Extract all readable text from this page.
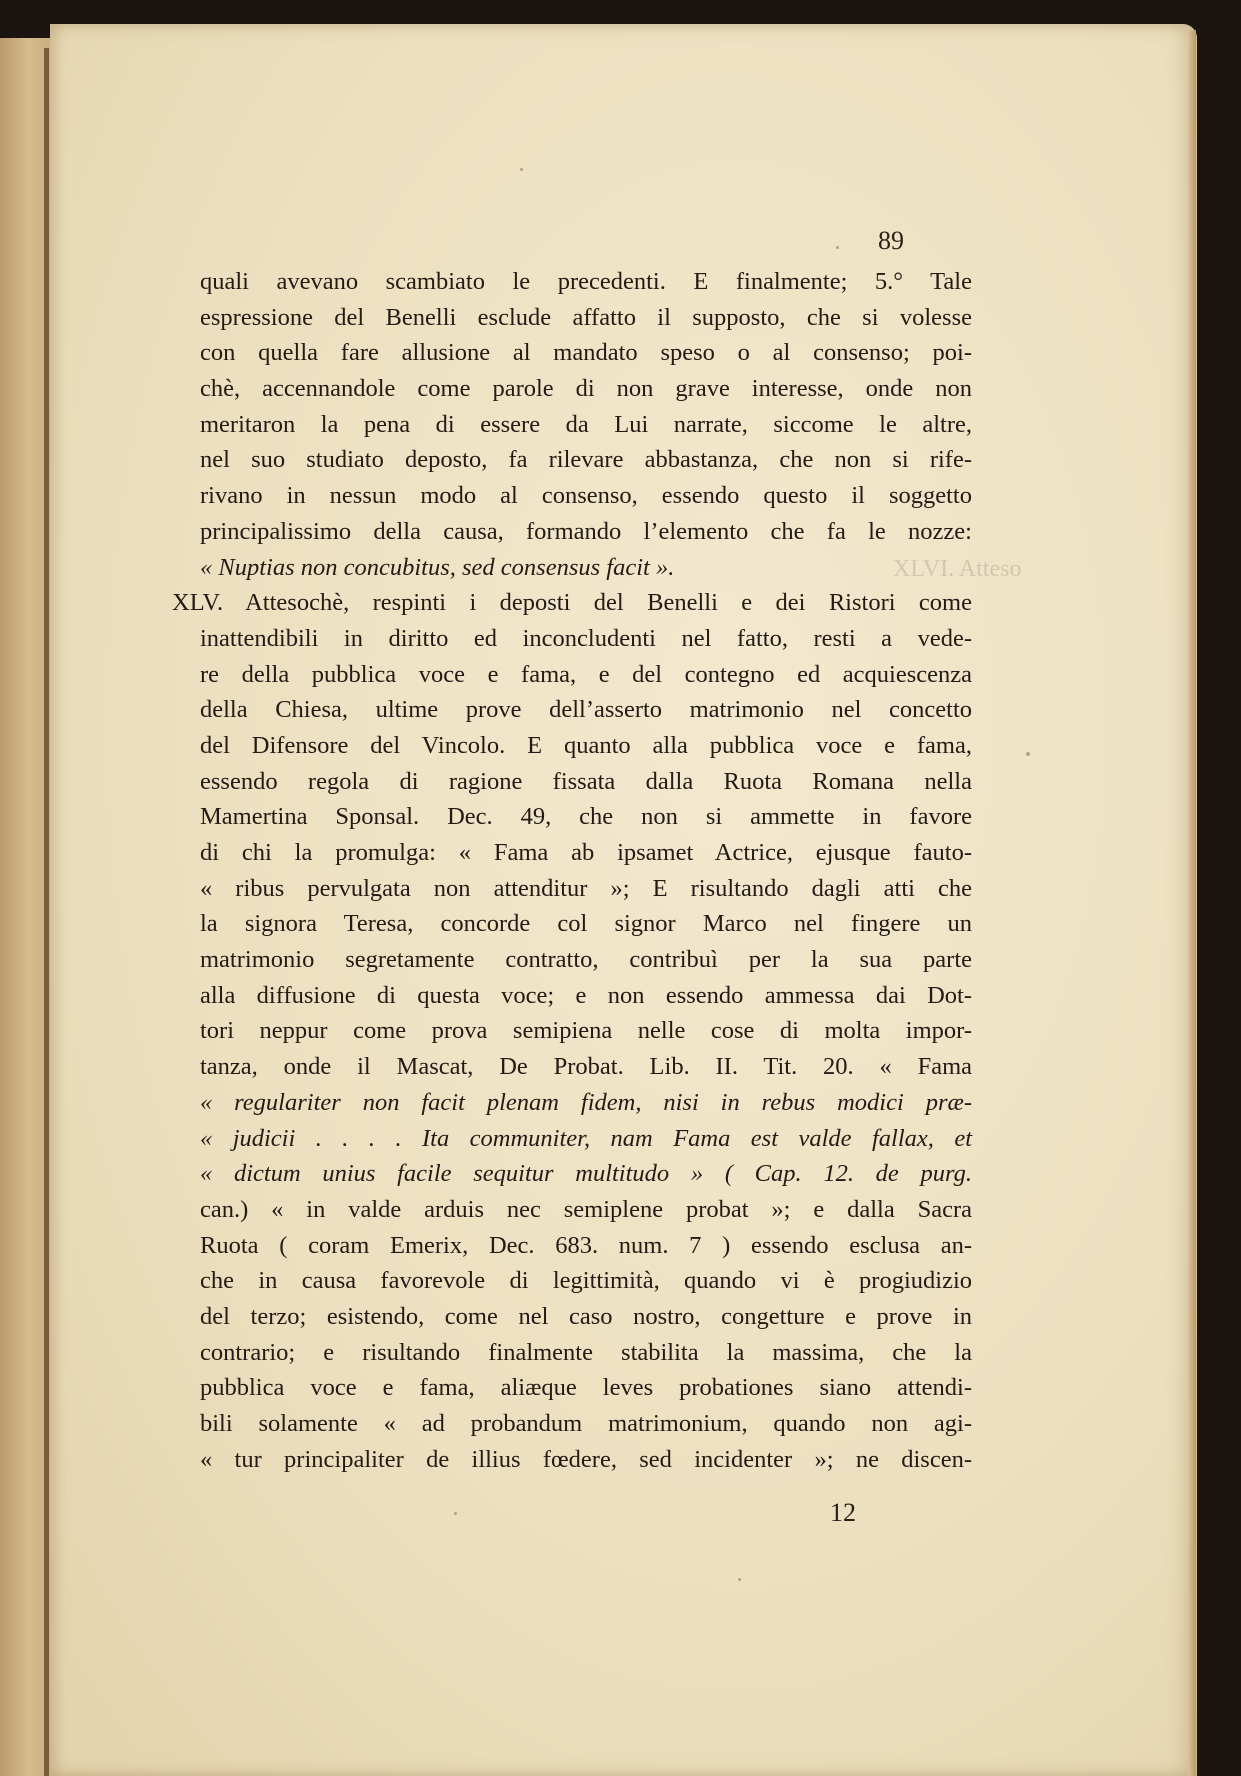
XLVI. Atteso

89

quali avevano scambiato le precedenti. E finalmente; 5.° Tale

espressione del Benelli esclude affatto il supposto, che si volesse

con quella fare allusione al mandato speso o al consenso; poi-

chè, accennandole come parole di non grave interesse, onde non

meritaron la pena di essere da Lui narrate, siccome le altre,

nel suo studiato deposto, fa rilevare abbastanza, che non si rife-

rivano in nessun modo al consenso, essendo questo il soggetto

principalissimo della causa, formando l’elemento che fa le nozze:

« Nuptias non concubitus, sed consensus facit ».

XLV. Attesochè, respinti i deposti del Benelli e dei Ristori come

inattendibili in diritto ed inconcludenti nel fatto, resti a vede-

re della pubblica voce e fama, e del contegno ed acquiescenza

della Chiesa, ultime prove dell’asserto matrimonio nel concetto

del Difensore del Vincolo. E quanto alla pubblica voce e fama,

essendo regola di ragione fissata dalla Ruota Romana nella

Mamertina Sponsal. Dec. 49, che non si ammette in favore

di chi la promulga: « Fama ab ipsamet Actrice, ejusque fauto-

« ribus pervulgata non attenditur »; E risultando dagli atti che

la signora Teresa, concorde col signor Marco nel fingere un

matrimonio segretamente contratto, contribuì per la sua parte

alla diffusione di questa voce; e non essendo ammessa dai Dot-

tori neppur come prova semipiena nelle cose di molta impor-

tanza, onde il Mascat, De Probat. Lib. II. Tit. 20. « Fama

« regulariter non facit plenam fidem, nisi in rebus modici præ-

« judicii . . . . Ita communiter, nam Fama est valde fallax, et

« dictum unius facile sequitur multitudo » ( Cap. 12. de purg.

can.) « in valde arduis nec semiplene probat »; e dalla Sacra

Ruota ( coram Emerix, Dec. 683. num. 7 ) essendo esclusa an-

che in causa favorevole di legittimità, quando vi è progiudizio

del terzo; esistendo, come nel caso nostro, congetture e prove in

contrario; e risultando finalmente stabilita la massima, che la

pubblica voce e fama, aliæque leves probationes siano attendi-

bili solamente « ad probandum matrimonium, quando non agi-

« tur principaliter de illius fœdere, sed incidenter »; ne discen-

12
